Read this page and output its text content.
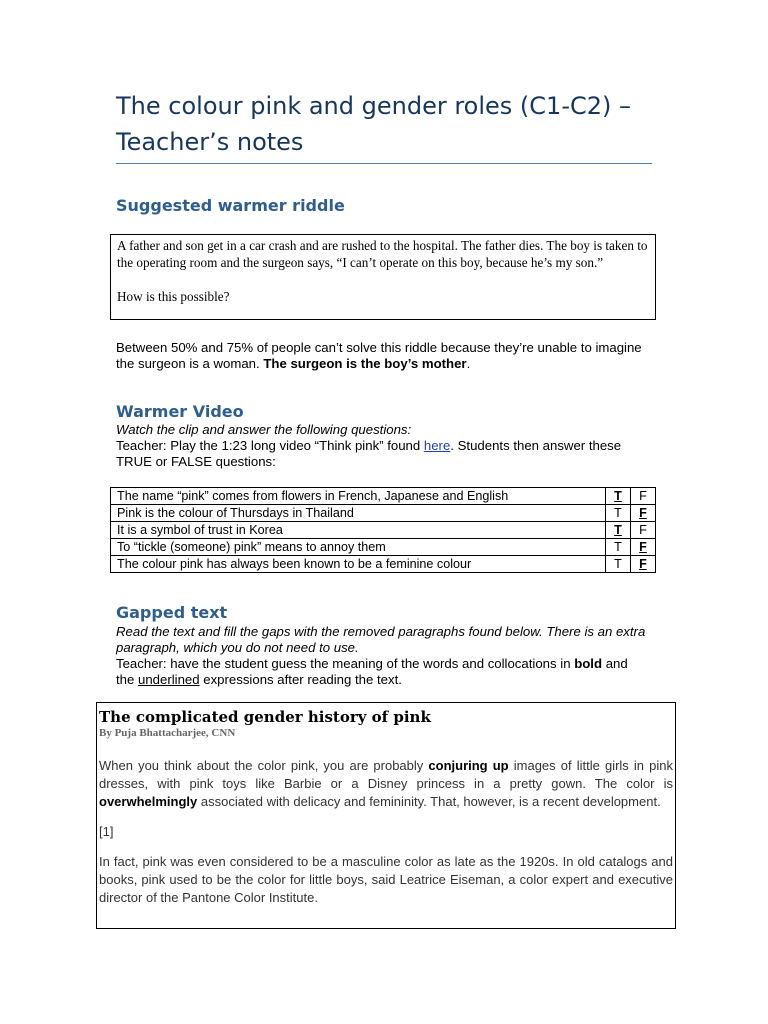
The colour pink and gender roles (C1-C2) – Teacher’s notes
Suggested warmer riddle

A father and son get in a car crash and are rushed to the hospital. The father dies. The boy is taken to the operating room and the surgeon says, “I can’t operate on this boy, because he’s my son.”

How is this possible?

Between 50% and 75% of people can’t solve this riddle because they’re unable to imagine the surgeon is a woman. The surgeon is the boy’s mother.

Warmer Video

Watch the clip and answer the following questions:

Teacher: Play the 1:23 long video “Think pink” found here. Students then answer these TRUE or FALSE questions:

The name “pink” comes from flowers in French, Japanese and English	T	F
Pink is the colour of Thursdays in Thailand	T	F
It is a symbol of trust in Korea	T	F
To “tickle (someone) pink” means to annoy them	T	F
The colour pink has always been known to be a feminine colour	T	F
Gapped text

Read the text and fill the gaps with the removed paragraphs found below. There is an extra paragraph, which you do not need to use.

Teacher: have the student guess the meaning of the words and collocations in bold and the underlined expressions after reading the text.

The complicated gender history of pink

By Puja Bhattacharjee, CNN

When you think about the color pink, you are probably conjuring up images of little girls in pink dresses, with pink toys like Barbie or a Disney princess in a pretty gown. The color is overwhelmingly associated with delicacy and femininity. That, however, is a recent development.

[1]

In fact, pink was even considered to be a masculine color as late as the 1920s. In old catalogs and books, pink used to be the color for little boys, said Leatrice Eiseman, a color expert and executive director of the Pantone Color Institute.
